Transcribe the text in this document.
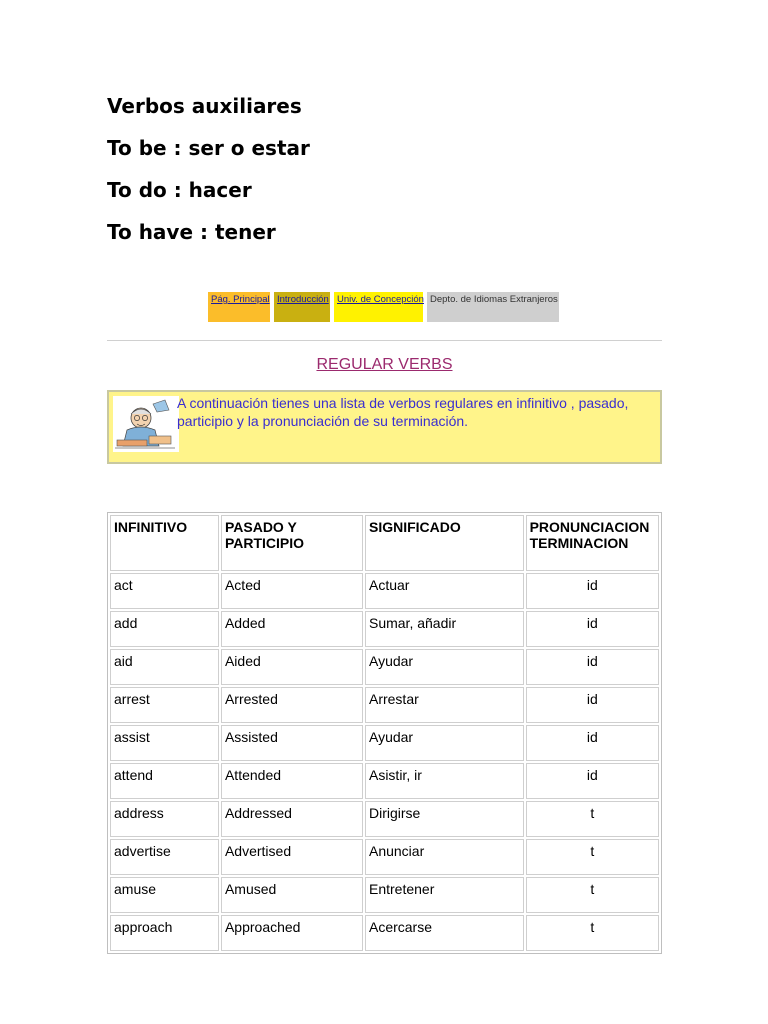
Verbos auxiliares
To be : ser o estar
To do : hacer
To have : tener
Pág. Principal Introducción Univ. de Concepción Depto. de Idiomas Extranjeros
REGULAR VERBS
A continuación tienes una lista de verbos regulares en infinitivo , pasado, participio y la pronunciación de su terminación.
INFINITIVO	PASADO Y PARTICIPIO	SIGNIFICADO	PRONUNCIACION TERMINACION
act	Acted	Actuar	id
add	Added	Sumar, añadir	id
aid	Aided	Ayudar	id
arrest	Arrested	Arrestar	id
assist	Assisted	Ayudar	id
attend	Attended	Asistir, ir	id
address	Addressed	Dirigirse	t
advertise	Advertised	Anunciar	t
amuse	Amused	Entretener	t
approach	Approached	Acercarse	t
